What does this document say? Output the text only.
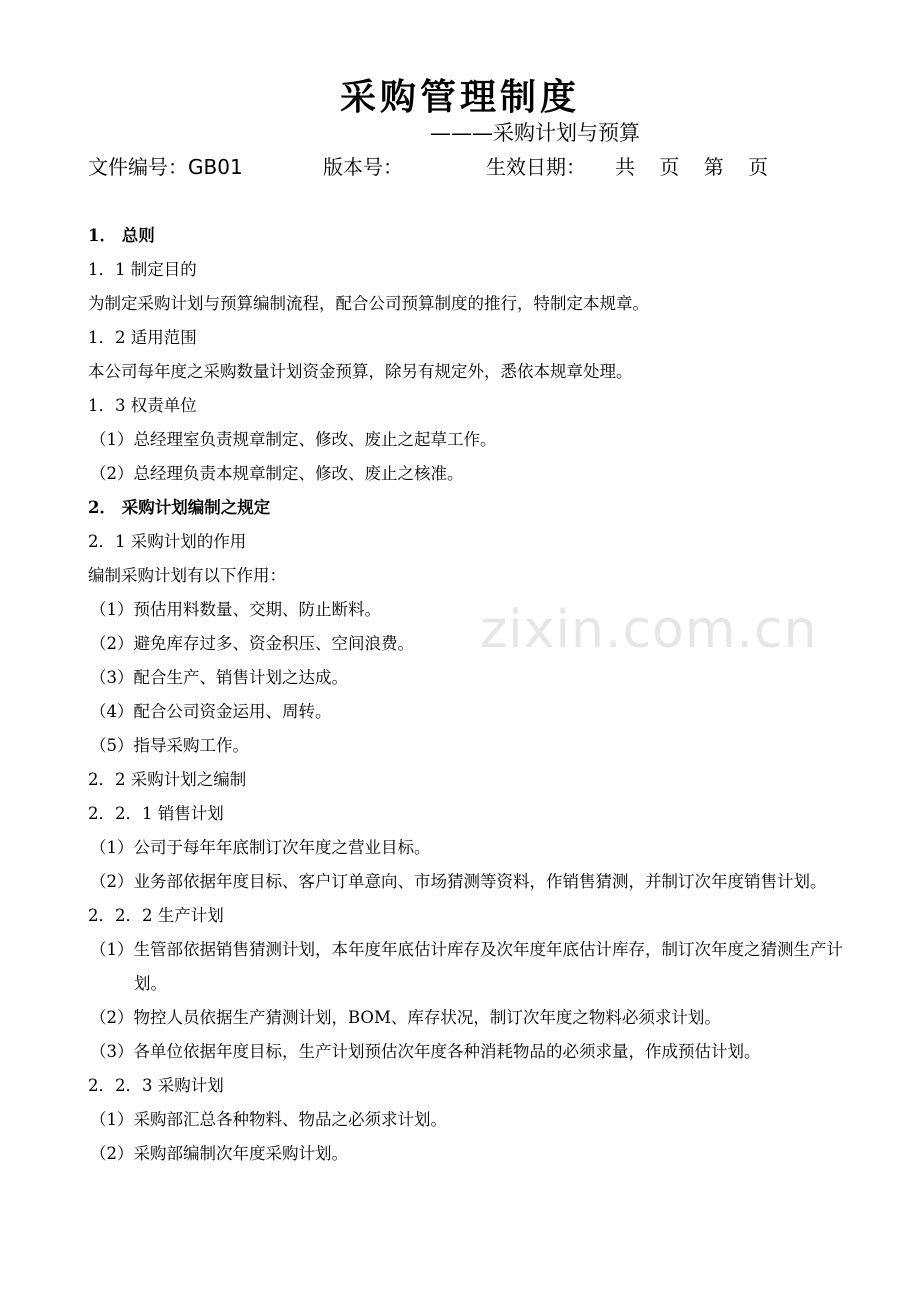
采购管理制度
———采购计划与预算
文件编号：GB01	版本号：	生效日期： 共 页 第 页
1． 总则
1．1 制定目的
为制定采购计划与预算编制流程，配合公司预算制度的推行，特制定本规章。
1．2 适用范围
本公司每年度之采购数量计划资金预算，除另有规定外，悉依本规章处理。
1．3 权责单位
（1）总经理室负责规章制定、修改、废止之起草工作。
（2）总经理负责本规章制定、修改、废止之核准。
2． 采购计划编制之规定
2．1 采购计划的作用
编制采购计划有以下作用：
（1）预估用料数量、交期、防止断料。
（2）避免库存过多、资金积压、空间浪费。
（3）配合生产、销售计划之达成。
（4）配合公司资金运用、周转。
（5）指导采购工作。
2．2 采购计划之编制
2．2．1 销售计划
（1）公司于每年年底制订次年度之营业目标。
（2）业务部依据年度目标、客户订单意向、市场猜测等资料，作销售猜测，并制订次年度销售计划。
2．2．2 生产计划
（1）生管部依据销售猜测计划，本年度年底估计库存及次年度年底估计库存，制订次年度之猜测生产计划。
（2）物控人员依据生产猜测计划，BOM、库存状况，制订次年度之物料必须求计划。
（3）各单位依据年度目标，生产计划预估次年度各种消耗物品的必须求量，作成预估计划。
2．2．3 采购计划
（1）采购部汇总各种物料、物品之必须求计划。
（2）采购部编制次年度采购计划。
zixin.com.cn
